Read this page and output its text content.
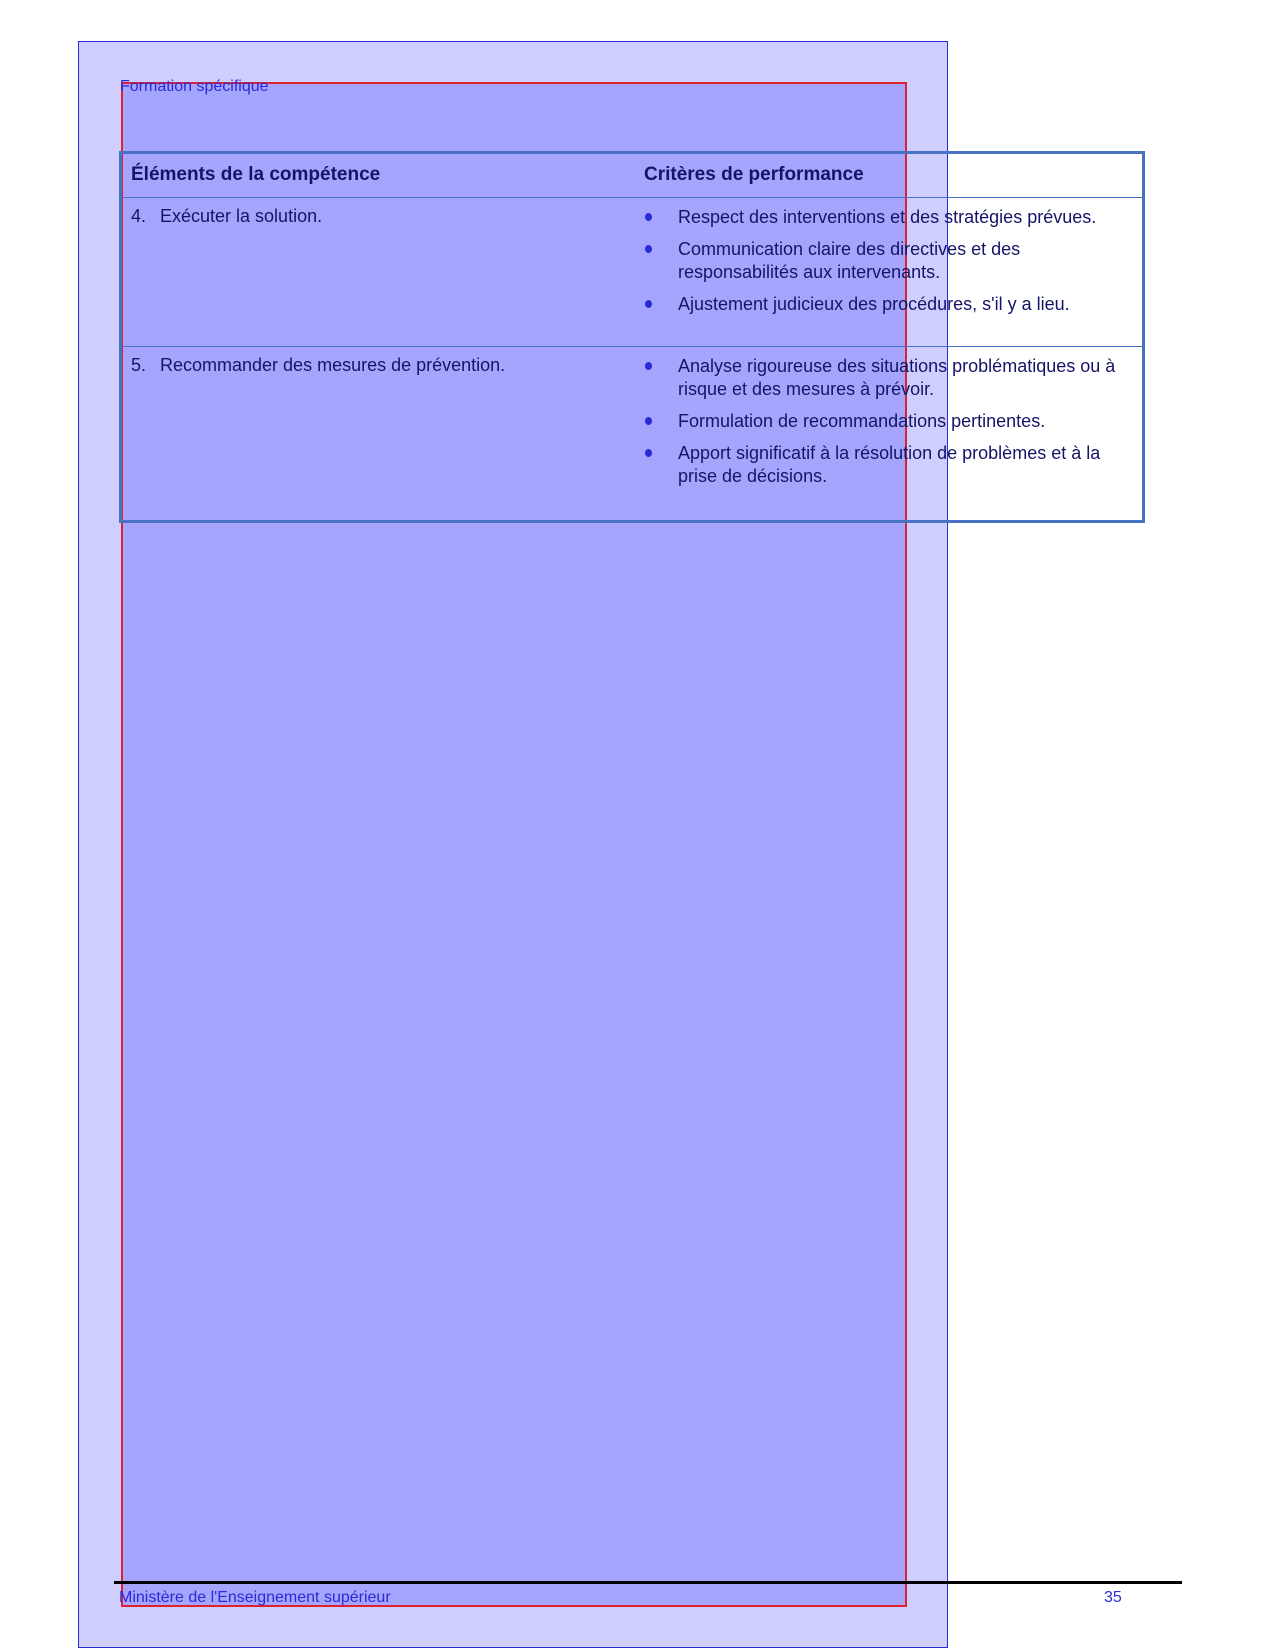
Formation spécifique
Éléments de la compétence	Critères de performance
4. Exécuter la solution.	Respect des interventions et des stratégies prévues.
Communication claire des directives et des responsabilités aux intervenants.
Ajustement judicieux des procédures, s'il y a lieu.
5. Recommander des mesures de prévention.	Analyse rigoureuse des situations problématiques ou à risque et des mesures à prévoir.
Formulation de recommandations pertinentes.
Apport significatif à la résolution de problèmes et à la prise de décisions.
Ministère de l'Enseignement supérieur	35
